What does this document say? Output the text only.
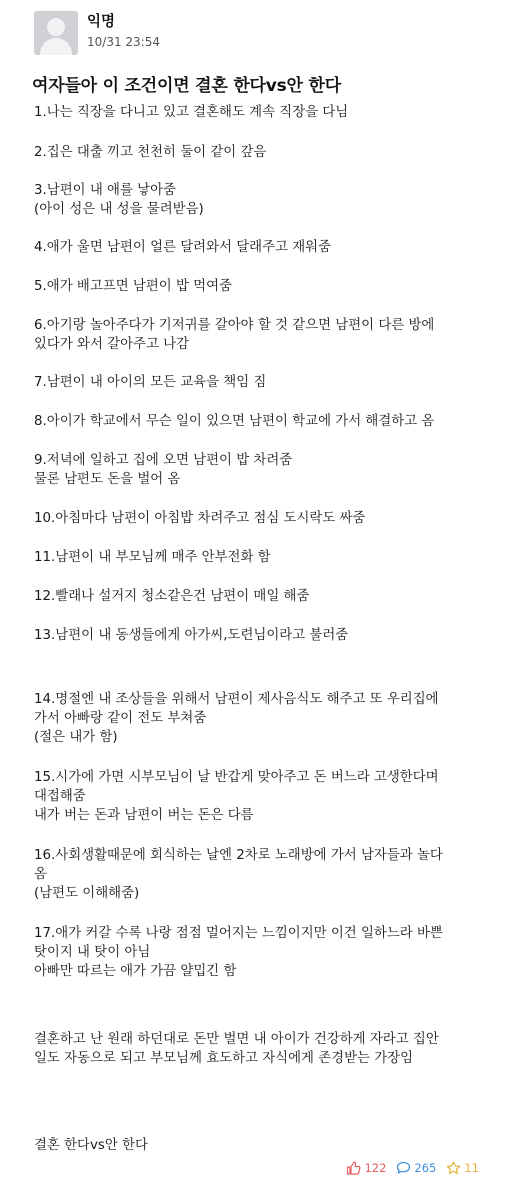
익명
10/31 23:54
여자들아 이 조건이면 결혼 한다vs안 한다
1.나는 직장을 다니고 있고 결혼해도 계속 직장을 다님
2.집은 대출 끼고 천천히 둘이 같이 갚음
3.남편이 내 애를 낳아줌
(아이 성은 내 성을 물려받음)
4.애가 울면 남편이 얼른 달려와서 달래주고 재워줌
5.애가 배고프면 남편이 밥 먹여줌
6.아기랑 놀아주다가 기저귀를 갈아야 할 것 같으면 남편이 다른 방에
있다가 와서 갈아주고 나감
7.남편이 내 아이의 모든 교육을 책임 짐
8.아이가 학교에서 무슨 일이 있으면 남편이 학교에 가서 해결하고 옴
9.저녁에 일하고 집에 오면 남편이 밥 차려줌
물론 남편도 돈을 벌어 옴
10.아침마다 남편이 아침밥 차려주고 점심 도시락도 싸줌
11.남편이 내 부모님께 매주 안부전화 함
12.빨래나 설거지 청소같은건 남편이 매일 해줌
13.남편이 내 동생들에게 아가씨,도련님이라고 불러줌
14.명절엔 내 조상들을 위해서 남편이 제사음식도 해주고 또 우리집에
가서 아빠랑 같이 전도 부쳐줌
(절은 내가 함)
15.시가에 가면 시부모님이 날 반갑게 맞아주고 돈 버느라 고생한다며
대접해줌
내가 버는 돈과 남편이 버는 돈은 다름
16.사회생활때문에 회식하는 날엔 2차로 노래방에 가서 남자들과 놀다
옴
(남편도 이해해줌)
17.애가 커갈 수록 나랑 점점 멀어지는 느낌이지만 이건 일하느라 바쁜
탓이지 내 탓이 아님
아빠만 따르는 애가 가끔 얄밉긴 함
결혼하고 난 원래 하던대로 돈만 벌면 내 아이가 건강하게 자라고 집안
일도 자동으로 되고 부모님께 효도하고 자식에게 존경받는 가장임
결혼 한다vs안 한다
122 265 11
